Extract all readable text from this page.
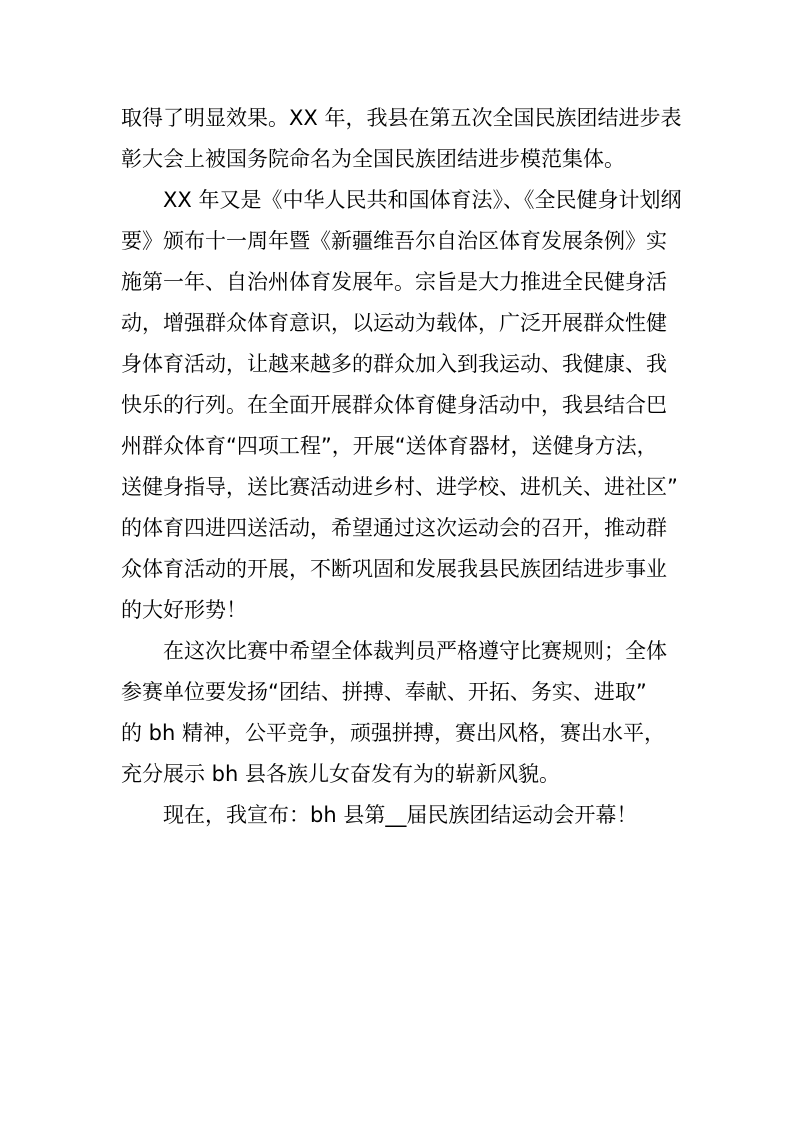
取得了明显效果。XX 年，我县在第五次全国民族团结进步表
彰大会上被国务院命名为全国民族团结进步模范集体。
　　XX 年又是《中华人民共和国体育法》、《全民健身计划纲
要》颁布十一周年暨《新疆维吾尔自治区体育发展条例》实
施第一年、自治州体育发展年。宗旨是大力推进全民健身活
动，增强群众体育意识，以运动为载体，广泛开展群众性健
身体育活动，让越来越多的群众加入到我运动、我健康、我
快乐的行列。在全面开展群众体育健身活动中，我县结合巴
州群众体育“四项工程”，开展“送体育器材，送健身方法，
送健身指导，送比赛活动进乡村、进学校、进机关、进社区”
的体育四进四送活动，希望通过这次运动会的召开，推动群
众体育活动的开展，不断巩固和发展我县民族团结进步事业
的大好形势！
　　在这次比赛中希望全体裁判员严格遵守比赛规则；全体
参赛单位要发扬“团结、拼搏、奉献、开拓、务实、进取”
的 bh 精神，公平竞争，顽强拼搏，赛出风格，赛出水平，
充分展示 bh 县各族儿女奋发有为的崭新风貌。
　　现在，我宣布：bh 县第__届民族团结运动会开幕！
